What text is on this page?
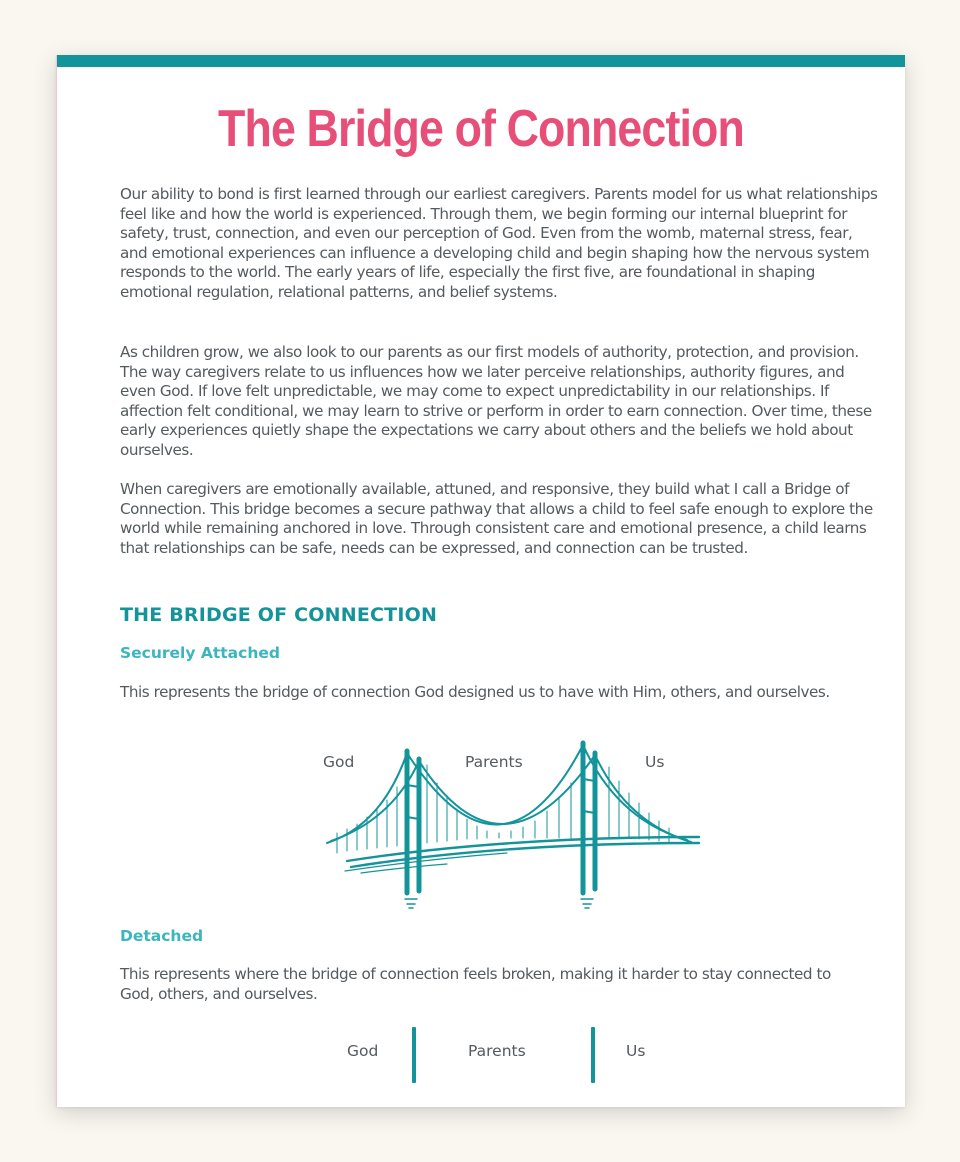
The Bridge of Connection

Our ability to bond is first learned through our earliest caregivers. Parents model for us what relationships feel like and how the world is experienced. Through them, we begin forming our internal blueprint for safety, trust, connection, and even our perception of God. Even from the womb, maternal stress, fear, and emotional experiences can influence a developing child and begin shaping how the nervous system responds to the world. The early years of life, especially the first five, are foundational in shaping emotional regulation, relational patterns, and belief systems.

As children grow, we also look to our parents as our first models of authority, protection, and provision. The way caregivers relate to us influences how we later perceive relationships, authority figures, and even God. If love felt unpredictable, we may come to expect unpredictability in our relationships. If affection felt conditional, we may learn to strive or perform in order to earn connection. Over time, these early experiences quietly shape the expectations we carry about others and the beliefs we hold about ourselves.

When caregivers are emotionally available, attuned, and responsive, they build what I call a Bridge of Connection. This bridge becomes a secure pathway that allows a child to feel safe enough to explore the world while remaining anchored in love. Through consistent care and emotional presence, a child learns that relationships can be safe, needs can be expressed, and connection can be trusted.

THE BRIDGE OF CONNECTION
Securely Attached

This represents the bridge of connection God designed us to have with Him, others, and ourselves.

God	Parents	Us
Detached

This represents where the bridge of connection feels broken, making it harder to stay connected to God, others, and ourselves.

God	Parents	Us
